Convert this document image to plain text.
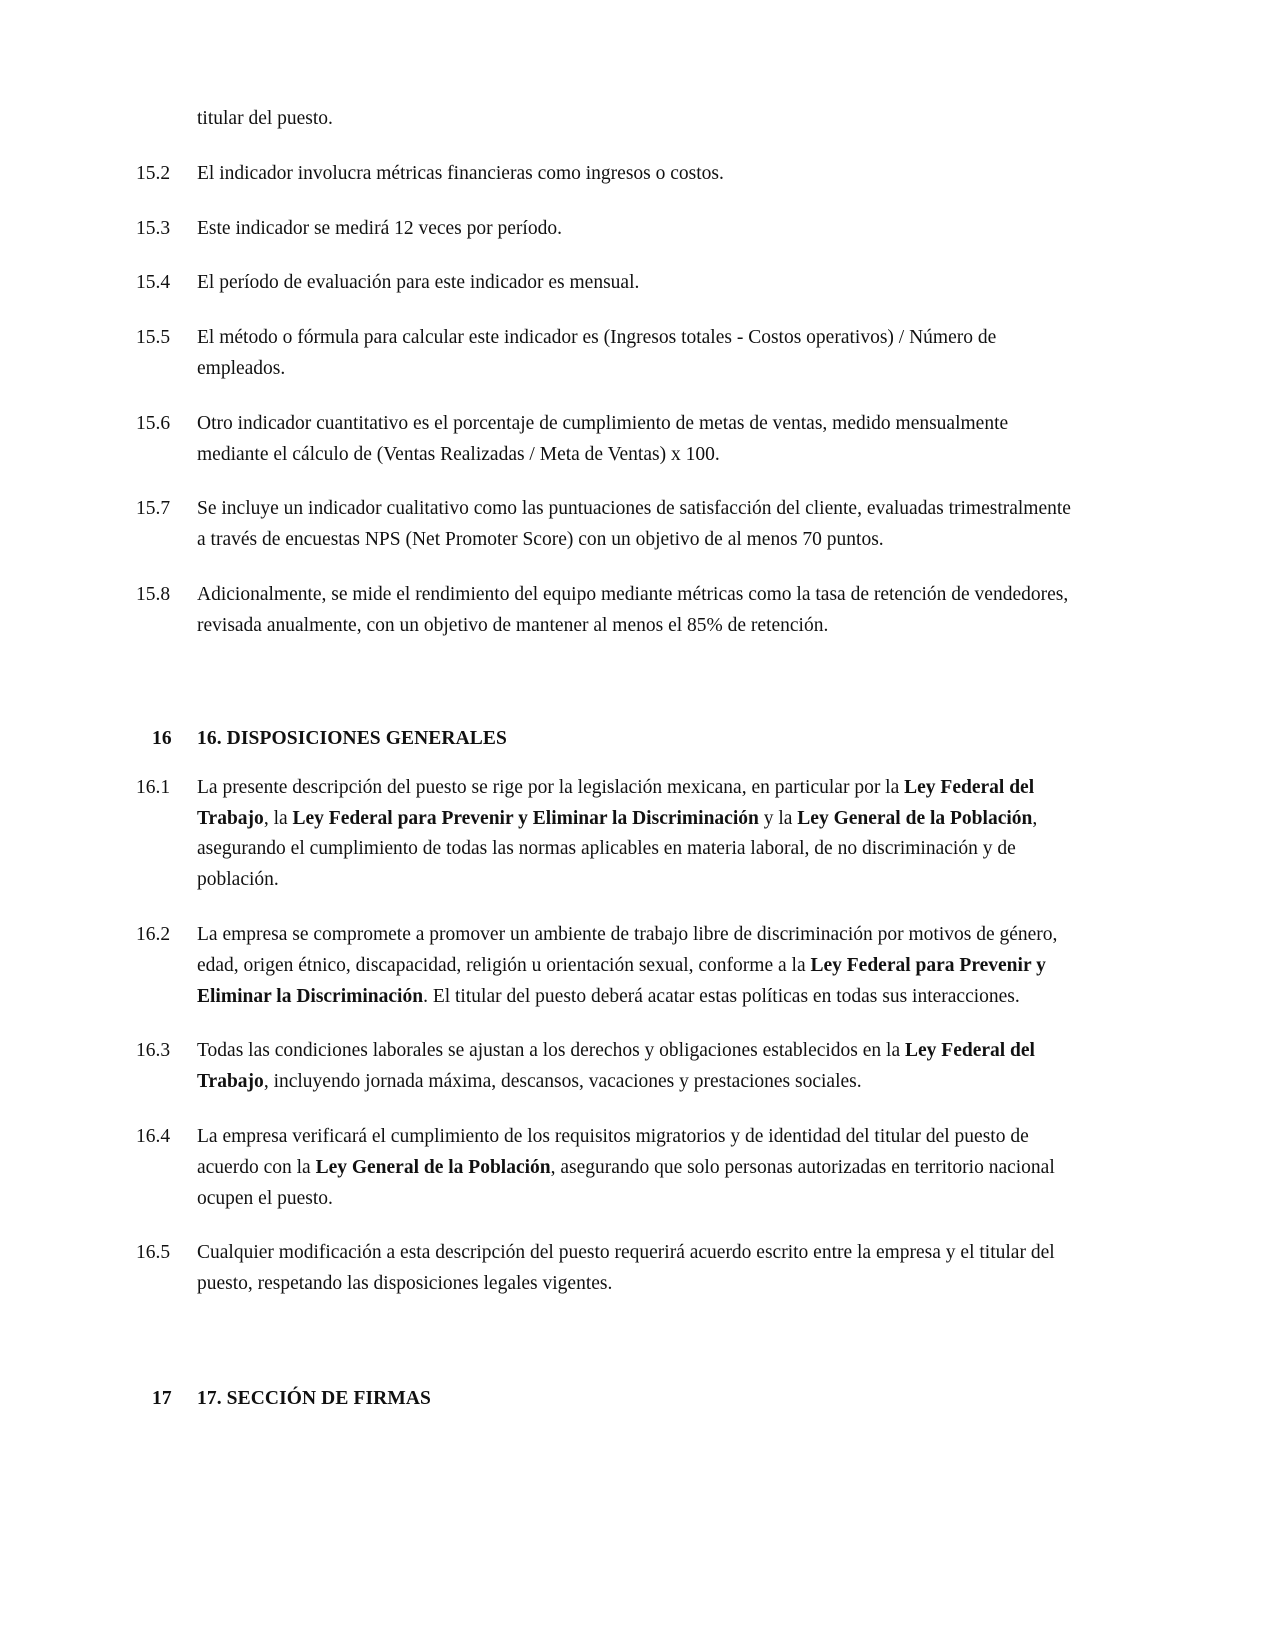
titular del puesto.
15.2	El indicador involucra métricas financieras como ingresos o costos.
15.3	Este indicador se medirá 12 veces por período.
15.4	El período de evaluación para este indicador es mensual.
15.5	El método o fórmula para calcular este indicador es (Ingresos totales - Costos operativos) / Número de empleados.
15.6	Otro indicador cuantitativo es el porcentaje de cumplimiento de metas de ventas, medido mensualmente mediante el cálculo de (Ventas Realizadas / Meta de Ventas) x 100.
15.7	Se incluye un indicador cualitativo como las puntuaciones de satisfacción del cliente, evaluadas trimestralmente a través de encuestas NPS (Net Promoter Score) con un objetivo de al menos 70 puntos.
15.8	Adicionalmente, se mide el rendimiento del equipo mediante métricas como la tasa de retención de vendedores, revisada anualmente, con un objetivo de mantener al menos el 85% de retención.
16	16. DISPOSICIONES GENERALES
16.1	La presente descripción del puesto se rige por la legislación mexicana, en particular por la Ley Federal del Trabajo, la Ley Federal para Prevenir y Eliminar la Discriminación y la Ley General de la Población, asegurando el cumplimiento de todas las normas aplicables en materia laboral, de no discriminación y de población.
16.2	La empresa se compromete a promover un ambiente de trabajo libre de discriminación por motivos de género, edad, origen étnico, discapacidad, religión u orientación sexual, conforme a la Ley Federal para Prevenir y Eliminar la Discriminación. El titular del puesto deberá acatar estas políticas en todas sus interacciones.
16.3	Todas las condiciones laborales se ajustan a los derechos y obligaciones establecidos en la Ley Federal del Trabajo, incluyendo jornada máxima, descansos, vacaciones y prestaciones sociales.
16.4	La empresa verificará el cumplimiento de los requisitos migratorios y de identidad del titular del puesto de acuerdo con la Ley General de la Población, asegurando que solo personas autorizadas en territorio nacional ocupen el puesto.
16.5	Cualquier modificación a esta descripción del puesto requerirá acuerdo escrito entre la empresa y el titular del puesto, respetando las disposiciones legales vigentes.
17	17. SECCIÓN DE FIRMAS
